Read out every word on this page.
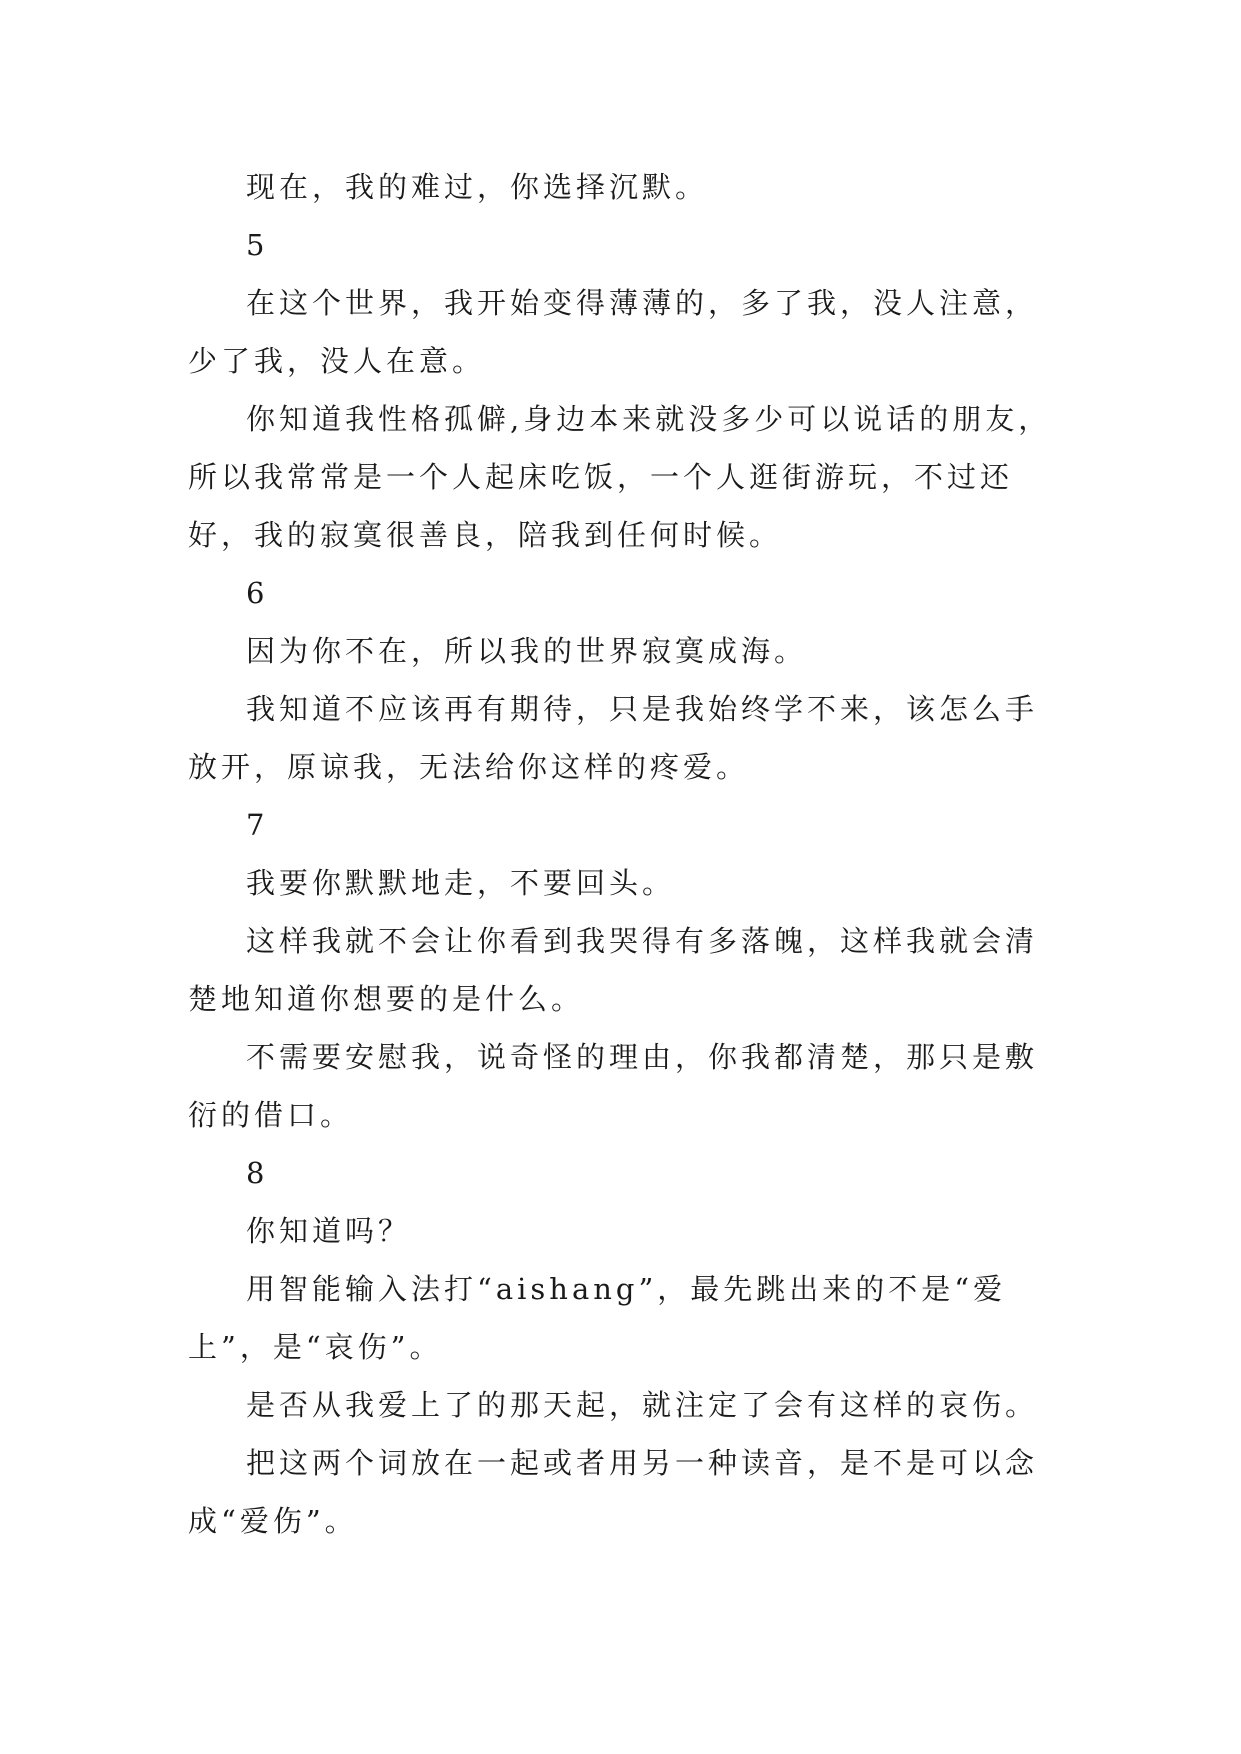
现在，我的难过，你选择沉默。

5

在这个世界，我开始变得薄薄的，多了我，没人注意，少了我，没人在意。

你知道我性格孤僻,身边本来就没多少可以说话的朋友，所以我常常是一个人起床吃饭，一个人逛街游玩，不过还好，我的寂寞很善良，陪我到任何时候。

6

因为你不在，所以我的世界寂寞成海。

我知道不应该再有期待，只是我始终学不来，该怎么手放开，原谅我，无法给你这样的疼爱。

7

我要你默默地走，不要回头。

这样我就不会让你看到我哭得有多落魄，这样我就会清楚地知道你想要的是什么。

不需要安慰我，说奇怪的理由，你我都清楚，那只是敷衍的借口。

8

你知道吗？

用智能输入法打“aishang”，最先跳出来的不是“爱上”，是“哀伤”。

是否从我爱上了的那天起，就注定了会有这样的哀伤。

把这两个词放在一起或者用另一种读音，是不是可以念成“爱伤”。
